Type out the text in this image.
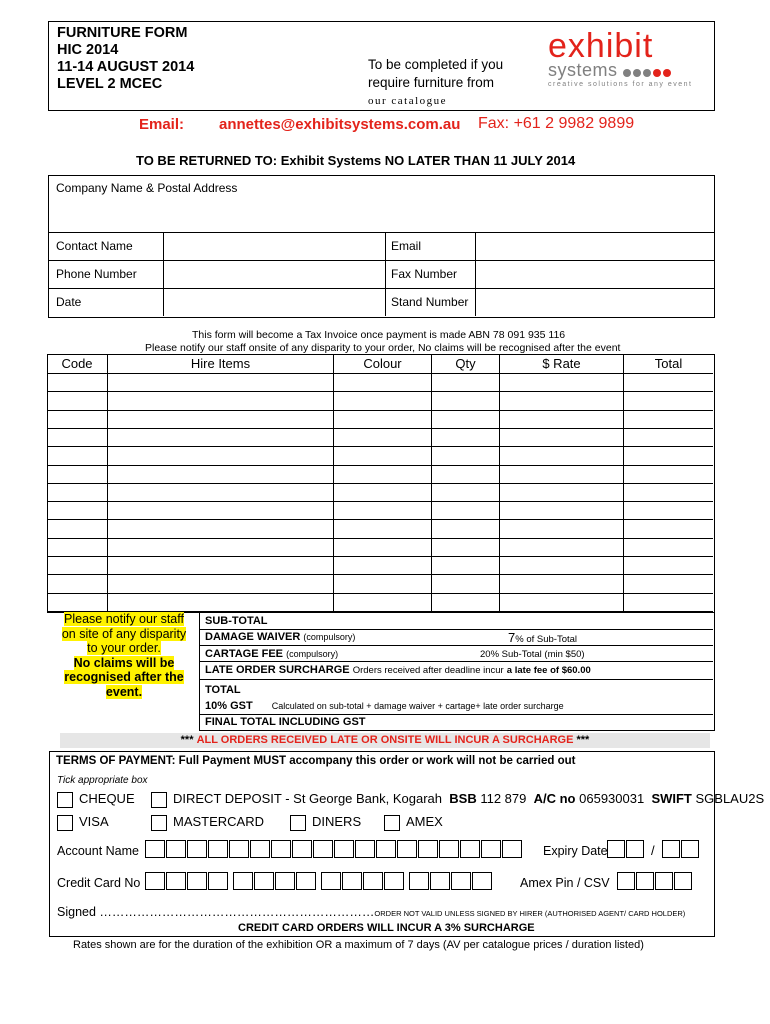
FURNITURE FORM
HIC 2014
11-14 AUGUST 2014
LEVEL 2 MCEC
To be completed if you
require furniture from
our catalogue
exhibit
systems
creative solutions for any event
Email: annettes@exhibitsystems.com.au Fax: +61 2 9982 9899
TO BE RETURNED TO: Exhibit Systems NO LATER THAN 11 JULY 2014
Company Name & Postal Address
Contact Name	Email
Phone Number	Fax Number
Date	Stand Number
This form will become a Tax Invoice once payment is made ABN 78 091 935 116
Please notify our staff onsite of any disparity to your order, No claims will be recognised after the event
Code	Hire Items	Colour	Qty	$ Rate	Total
Please notify our staff
on site of any disparity
to your order.
No claims will be
recognised after the
event.
SUB-TOTAL
DAMAGE WAIVER (compulsory)	7% of Sub-Total
CARTAGE FEE (compulsory)	20% Sub-Total (min $50)
LATE ORDER SURCHARGE Orders received after deadline incur a late fee of $60.00
TOTAL
10% GST Calculated on sub-total + damage waiver + cartage+ late order surcharge
FINAL TOTAL INCLUDING GST
*** ALL ORDERS RECEIVED LATE OR ONSITE WILL INCUR A SURCHARGE ***
TERMS OF PAYMENT: Full Payment MUST accompany this order or work will not be carried out
Tick appropriate box
CHEQUE	DIRECT DEPOSIT - St George Bank, Kogarah BSB 112 879 A/C no 065930031 SWIFT SGBLAU2S
VISA	MASTERCARD	DINERS	AMEX
Account Name	Expiry Date	/
Credit Card No	Amex Pin / CSV
Signed …………………………………………………………ORDER NOT VALID UNLESS SIGNED BY HIRER (AUTHORISED AGENT/ CARD HOLDER)
CREDIT CARD ORDERS WILL INCUR A 3% SURCHARGE
Rates shown are for the duration of the exhibition OR a maximum of 7 days (AV per catalogue prices / duration listed)
